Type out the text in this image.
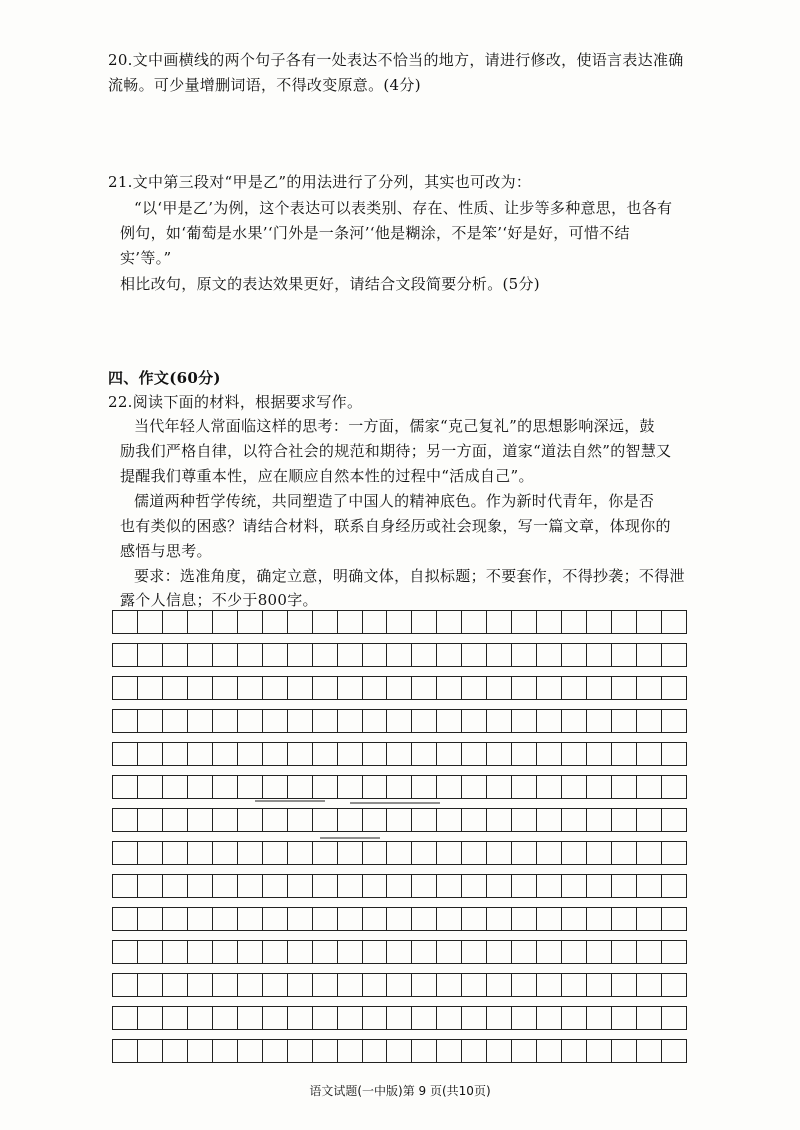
20.文中画横线的两个句子各有一处表达不恰当的地方，请进行修改，使语言表达准确
流畅。可少量增删词语，不得改变原意。(4分)
21.文中第三段对“甲是乙”的用法进行了分列，其实也可改为：
“以‘甲是乙’为例，这个表达可以表类别、存在、性质、让步等多种意思，也各有
例句，如‘葡萄是水果’‘门外是一条河’‘他是糊涂，不是笨’‘好是好，可惜不结
实’等。”
相比改句，原文的表达效果更好，请结合文段简要分析。(5分)
四、作文(60分)
22.阅读下面的材料，根据要求写作。
当代年轻人常面临这样的思考：一方面，儒家“克己复礼”的思想影响深远，鼓
励我们严格自律，以符合社会的规范和期待；另一方面，道家“道法自然”的智慧又
提醒我们尊重本性，应在顺应自然本性的过程中“活成自己”。
儒道两种哲学传统，共同塑造了中国人的精神底色。作为新时代青年，你是否
也有类似的困惑？请结合材料，联系自身经历或社会现象，写一篇文章，体现你的
感悟与思考。
要求：选准角度，确定立意，明确文体，自拟标题；不要套作，不得抄袭；不得泄
露个人信息；不少于800字。
语文试题(一中版)第 9 页(共10页)
